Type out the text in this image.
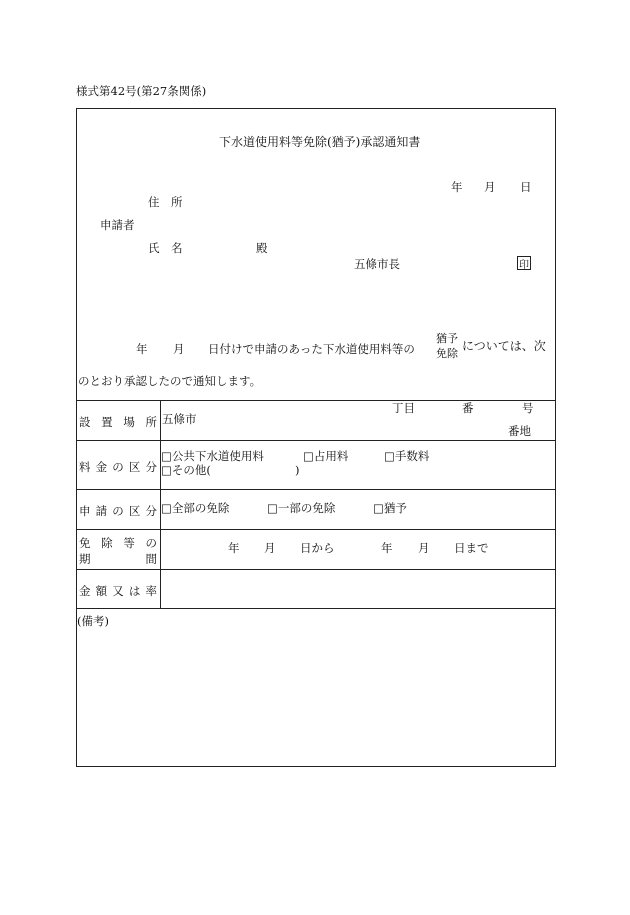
様式第42号(第27条関係)
下水道使用料等免除(猶予)承認通知書
年 月 日
住　所
申請者
氏　名	殿
五條市長	印
年 月 日付けで申請のあった下水道使用料等の
猶予
免除
については、次
のとおり承認したので通知します。
設 置 場 所 五條市
丁目	番	号
番地
料 金 の 区 分
□公共下水道使用料	□占用料	□手数料
□その他(	)
申 請 の 区 分 □全部の免除	□一部の免除	□猶予
免 除 等 の
期	間
年 月 日から	年 月 日まで
金 額 又 は 率
(備考)
